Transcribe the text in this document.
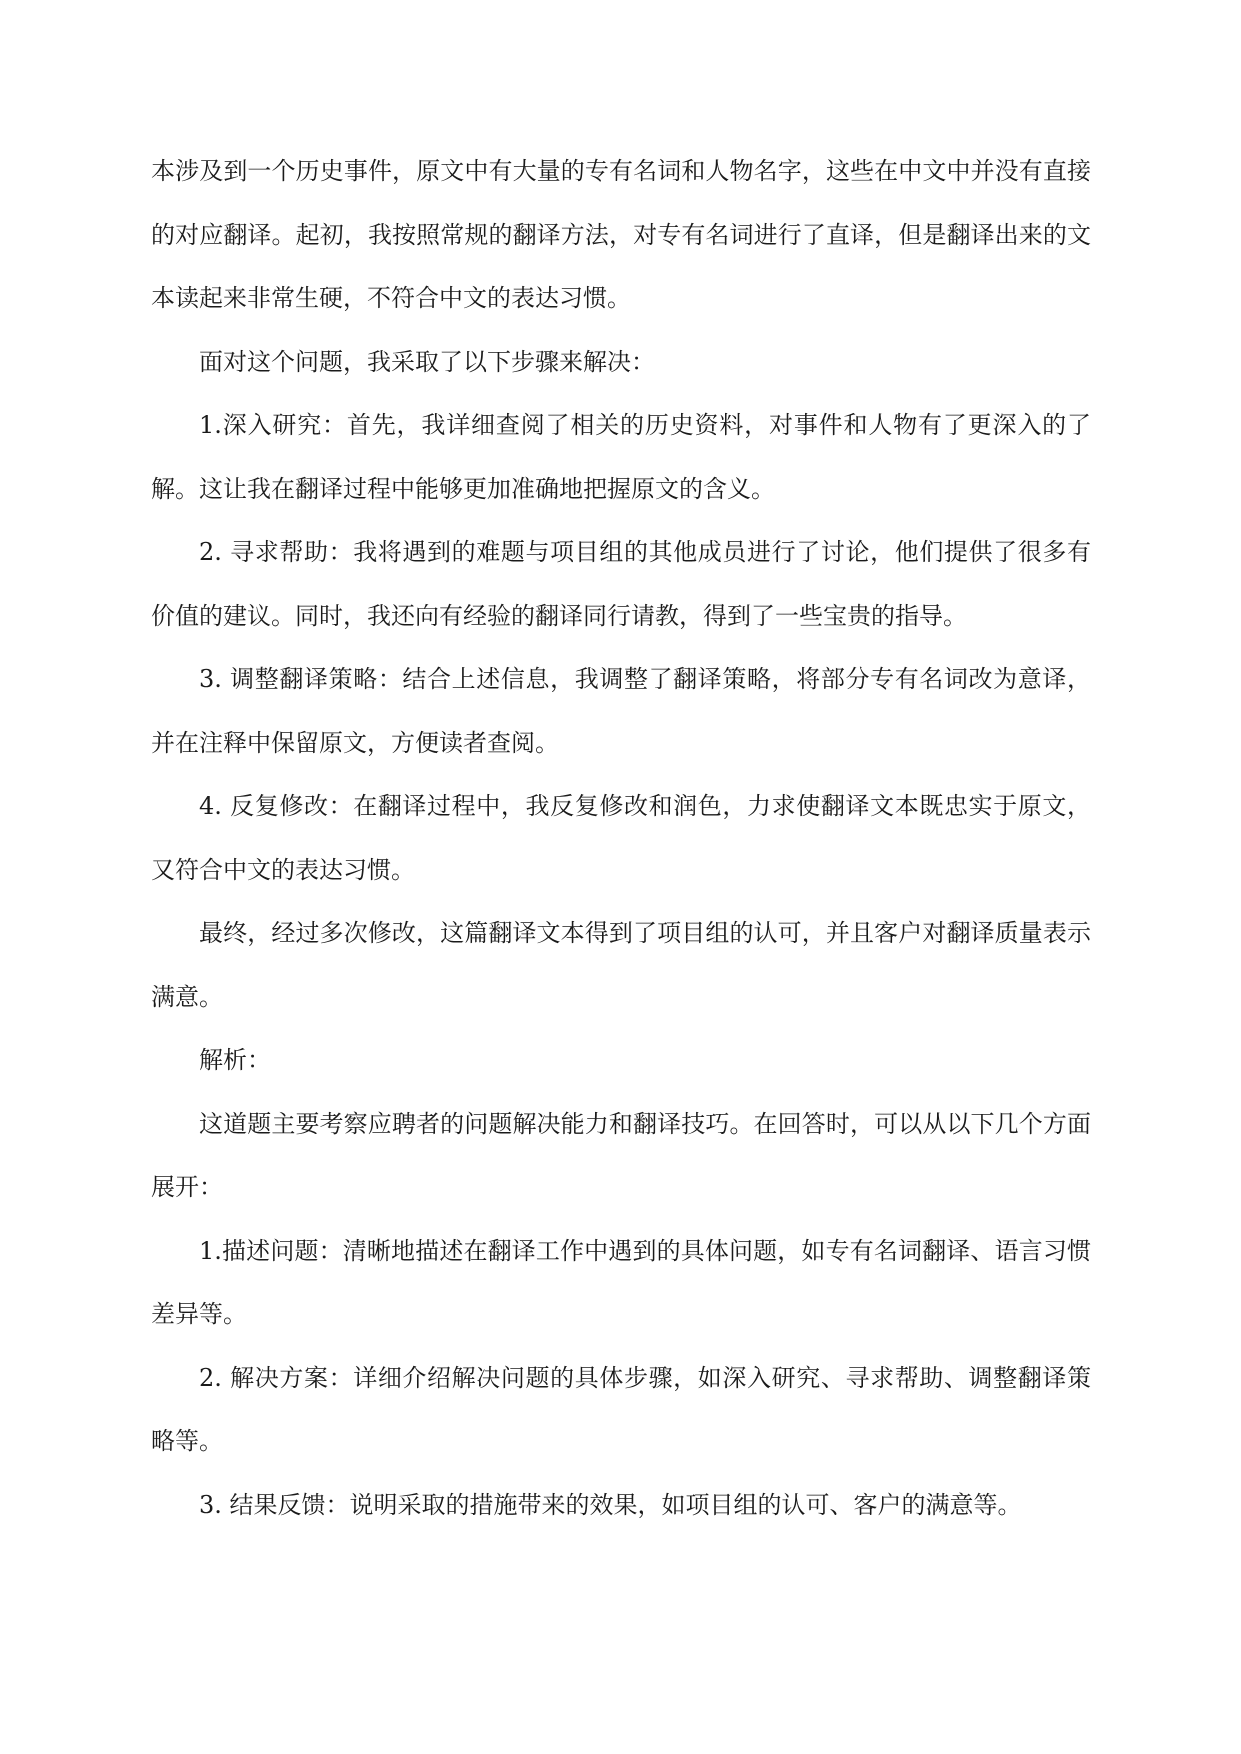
本涉及到一个历史事件，原文中有大量的专有名词和人物名字，这些在中文中并没有直接的对应翻译。起初，我按照常规的翻译方法，对专有名词进行了直译，但是翻译出来的文本读起来非常生硬，不符合中文的表达习惯。

面对这个问题，我采取了以下步骤来解决：

1.深入研究：首先，我详细查阅了相关的历史资料，对事件和人物有了更深入的了解。这让我在翻译过程中能够更加准确地把握原文的含义。

2. 寻求帮助：我将遇到的难题与项目组的其他成员进行了讨论，他们提供了很多有价值的建议。同时，我还向有经验的翻译同行请教，得到了一些宝贵的指导。

3. 调整翻译策略：结合上述信息，我调整了翻译策略，将部分专有名词改为意译，并在注释中保留原文，方便读者查阅。

4. 反复修改：在翻译过程中，我反复修改和润色，力求使翻译文本既忠实于原文，又符合中文的表达习惯。

最终，经过多次修改，这篇翻译文本得到了项目组的认可，并且客户对翻译质量表示满意。

解析：

这道题主要考察应聘者的问题解决能力和翻译技巧。在回答时，可以从以下几个方面展开：

1.描述问题：清晰地描述在翻译工作中遇到的具体问题，如专有名词翻译、语言习惯差异等。

2. 解决方案：详细介绍解决问题的具体步骤，如深入研究、寻求帮助、调整翻译策略等。

3. 结果反馈：说明采取的措施带来的效果，如项目组的认可、客户的满意等。
